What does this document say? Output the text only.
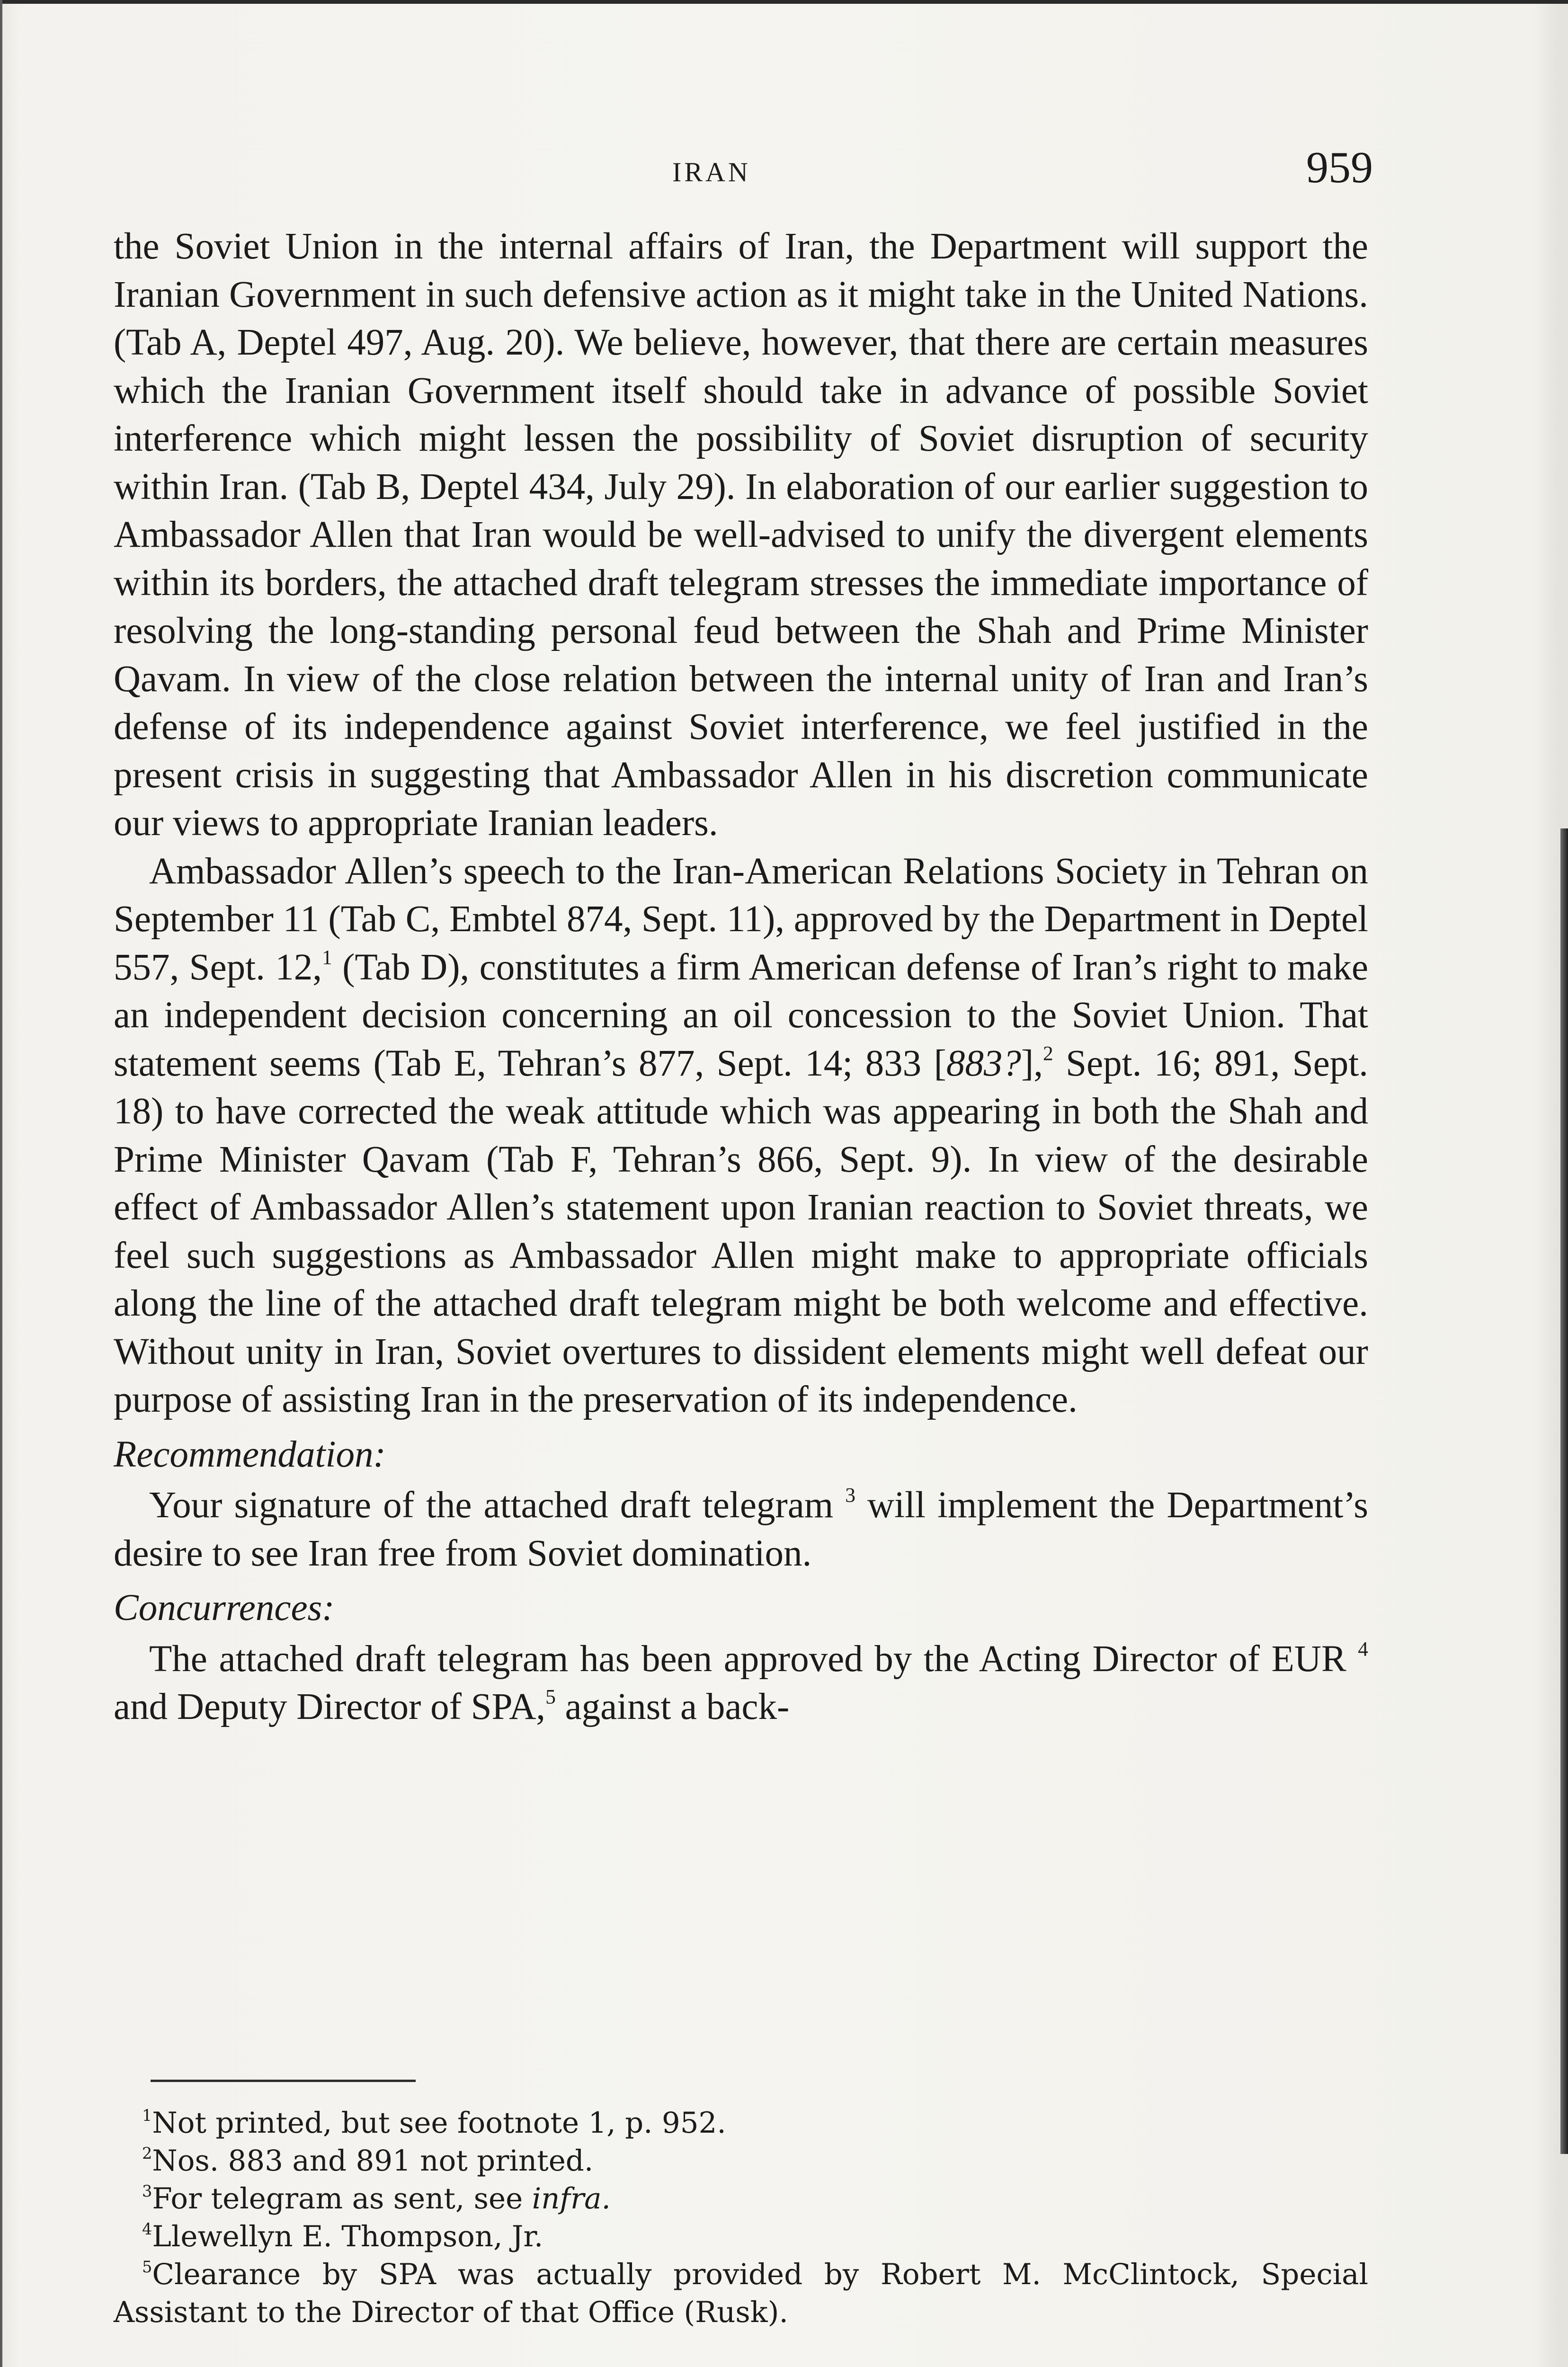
IRAN	959

the Soviet Union in the internal affairs of Iran, the Department will support the Iranian Government in such defensive action as it might take in the United Nations. (Tab A, Deptel 497, Aug. 20). We believe, however, that there are certain measures which the Iranian Government itself should take in advance of possible Soviet interference which might lessen the possibility of Soviet disruption of security within Iran. (Tab B, Deptel 434, July 29). In elaboration of our earlier suggestion to Ambassador Allen that Iran would be well-advised to unify the divergent elements within its borders, the attached draft telegram stresses the immediate importance of resolving the long-standing personal feud between the Shah and Prime Minister Qavam. In view of the close relation between the internal unity of Iran and Iran’s defense of its independence against Soviet interference, we feel justified in the present crisis in suggesting that Ambassador Allen in his discretion communicate our views to appropriate Iranian leaders.

Ambassador Allen’s speech to the Iran-American Relations Society in Tehran on September 11 (Tab C, Embtel 874, Sept. 11), approved by the Department in Deptel 557, Sept. 12,$^1$ (Tab D), constitutes a firm American defense of Iran’s right to make an independent decision concerning an oil concession to the Soviet Union. That statement seems (Tab E, Tehran’s 877, Sept. 14; 833 [883?],$^2$ Sept. 16; 891, Sept. 18) to have corrected the weak attitude which was appearing in both the Shah and Prime Minister Qavam (Tab F, Tehran’s 866, Sept. 9). In view of the desirable effect of Ambassador Allen’s statement upon Iranian reaction to Soviet threats, we feel such suggestions as Ambassador Allen might make to appropriate officials along the line of the attached draft telegram might be both welcome and effective. Without unity in Iran, Soviet overtures to dissident elements might well defeat our purpose of assisting Iran in the preservation of its independence.

Recommendation:

Your signature of the attached draft telegram $^3$ will implement the Department’s desire to see Iran free from Soviet domination.

Concurrences:

The attached draft telegram has been approved by the Acting Director of EUR $^4$ and Deputy Director of SPA,$^5$ against a back-

$^1$Not printed, but see footnote 1, p. 952.

$^2$Nos. 883 and 891 not printed.

$^3$For telegram as sent, see infra.

$^4$Llewellyn E. Thompson, Jr.

$^5$Clearance by SPA was actually provided by Robert M. McClintock, Special Assistant to the Director of that Office (Rusk).
